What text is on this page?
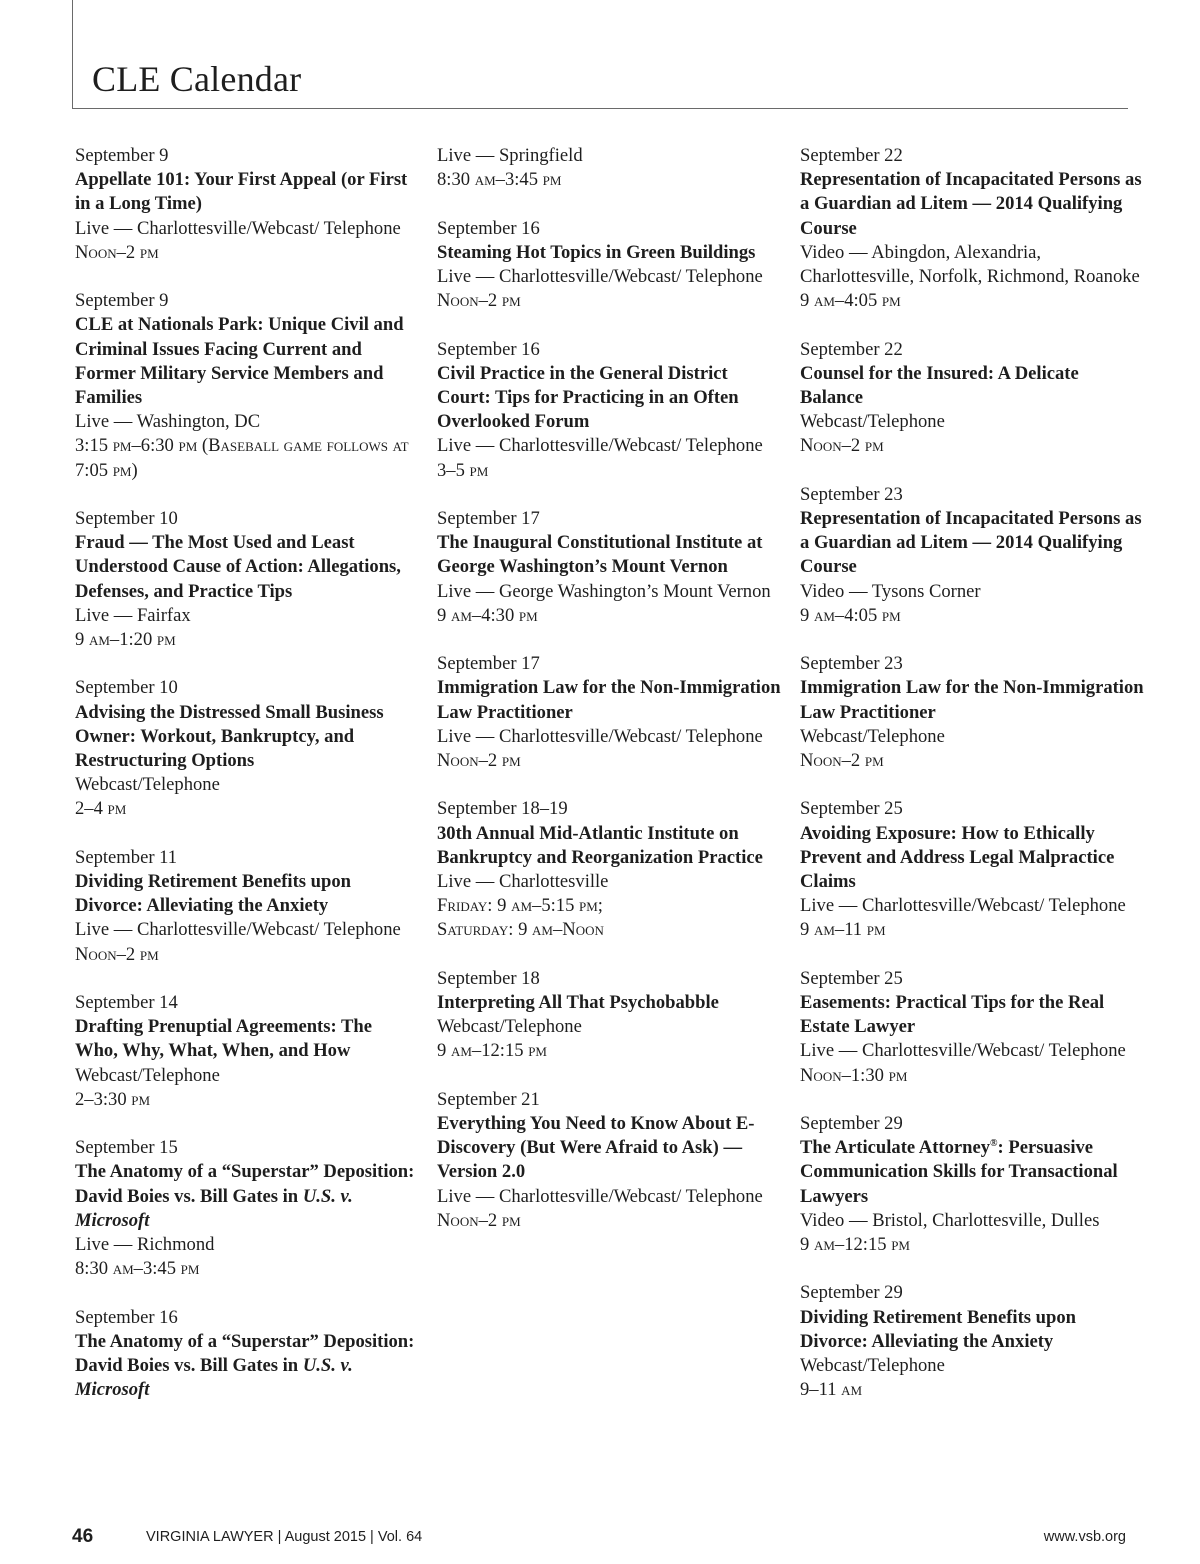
CLE Calendar

September 9

Appellate 101: Your First Appeal (or First in a Long Time)

Live — Charlottesville/Webcast/ Telephone

Noon–2 pm

September 9

CLE at Nationals Park: Unique Civil and Criminal Issues Facing Current and Former Military Service Members and Families

Live — Washington, DC

3:15 pm–6:30 pm (Baseball game follows at 7:05 pm)

September 10

Fraud — The Most Used and Least Understood Cause of Action: Allegations, Defenses, and Practice Tips

Live — Fairfax

9 am–1:20 pm

September 10

Advising the Distressed Small Business Owner: Workout, Bankruptcy, and Restructuring Options

Webcast/Telephone

2–4 pm

September 11

Dividing Retirement Benefits upon Divorce: Alleviating the Anxiety

Live — Charlottesville/Webcast/ Telephone

Noon–2 pm

September 14

Drafting Prenuptial Agreements: The Who, Why, What, When, and How

Webcast/Telephone

2–3:30 pm

September 15

The Anatomy of a “Superstar” Deposition: David Boies vs. Bill Gates in U.S. v. Microsoft

Live — Richmond

8:30 am–3:45 pm

September 16

The Anatomy of a “Superstar” Deposition: David Boies vs. Bill Gates in U.S. v. Microsoft

Live — Springfield

8:30 am–3:45 pm

September 16

Steaming Hot Topics in Green Buildings

Live — Charlottesville/Webcast/ Telephone

Noon–2 pm

September 16

Civil Practice in the General District Court: Tips for Practicing in an Often Overlooked Forum

Live — Charlottesville/Webcast/ Telephone

3–5 pm

September 17

The Inaugural Constitutional Institute at George Washington’s Mount Vernon

Live — George Washington’s Mount Vernon

9 am–4:30 pm

September 17

Immigration Law for the Non-Immigration Law Practitioner

Live — Charlottesville/Webcast/ Telephone

Noon–2 pm

September 18–19

30th Annual Mid-Atlantic Institute on Bankruptcy and Reorganization Practice

Live — Charlottesville

Friday: 9 am–5:15 pm;

Saturday: 9 am–Noon

September 18

Interpreting All That Psychobabble

Webcast/Telephone

9 am–12:15 pm

September 21

Everything You Need to Know About E-Discovery (But Were Afraid to Ask) — Version 2.0

Live — Charlottesville/Webcast/ Telephone

Noon–2 pm

September 22

Representation of Incapacitated Persons as a Guardian ad Litem — 2014 Qualifying Course

Video — Abingdon, Alexandria, Charlottesville, Norfolk, Richmond, Roanoke

9 am–4:05 pm

September 22

Counsel for the Insured: A Delicate Balance

Webcast/Telephone

Noon–2 pm

September 23

Representation of Incapacitated Persons as a Guardian ad Litem — 2014 Qualifying Course

Video — Tysons Corner

9 am–4:05 pm

September 23

Immigration Law for the Non-Immigration Law Practitioner

Webcast/Telephone

Noon–2 pm

September 25

Avoiding Exposure: How to Ethically Prevent and Address Legal Malpractice Claims

Live — Charlottesville/Webcast/ Telephone

9 am–11 pm

September 25

Easements: Practical Tips for the Real Estate Lawyer

Live — Charlottesville/Webcast/ Telephone

Noon–1:30 pm

September 29

The Articulate Attorney®: Persuasive Communication Skills for Transactional Lawyers

Video — Bristol, Charlottesville, Dulles

9 am–12:15 pm

September 29

Dividing Retirement Benefits upon Divorce: Alleviating the Anxiety

Webcast/Telephone

9–11 am

46	VIRGINIA LAWYER | August 2015 | Vol. 64	www.vsb.org
